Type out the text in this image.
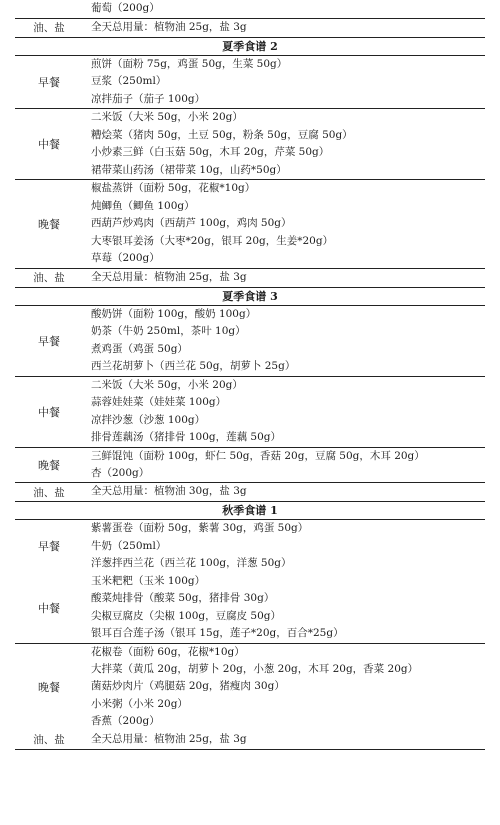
	葡萄（200g）

油、盐	全天总用量：植物油 25g，盐 3g
夏季食谱 2	
早餐	煎饼（面粉 75g，鸡蛋 50g，生菜 50g）
豆浆（250ml）
凉拌茄子（茄子 100g）

中餐	二米饭（大米 50g，小米 20g）
糟烩菜（猪肉 50g，土豆 50g，粉条 50g，豆腐 50g）
小炒素三鲜（白玉菇 50g，木耳 20g，芹菜 50g）
裙带菜山药汤（裙带菜 10g，山药*50g）

晚餐	椒盐蒸饼（面粉 50g，花椒*10g）
炖鲫鱼（鲫鱼 100g）
西葫芦炒鸡肉（西葫芦 100g，鸡肉 50g）
大枣银耳姜汤（大枣*20g，银耳 20g，生姜*20g）
草莓（200g）

油、盐	全天总用量：植物油 25g，盐 3g
夏季食谱 3	
早餐	酸奶饼（面粉 100g，酸奶 100g）
奶茶（牛奶 250ml，茶叶 10g）
煮鸡蛋（鸡蛋 50g）
西兰花胡萝卜（西兰花 50g，胡萝卜 25g）

中餐	二米饭（大米 50g，小米 20g）
蒜蓉娃娃菜（娃娃菜 100g）
凉拌沙葱（沙葱 100g）
排骨莲藕汤（猪排骨 100g，莲藕 50g）

晚餐	三鲜馄饨（面粉 100g，虾仁 50g，香菇 20g，豆腐 50g，木耳 20g）
杏（200g）

油、盐	全天总用量：植物油 30g，盐 3g
秋季食谱 1	
早餐	紫薯蛋卷（面粉 50g，紫薯 30g，鸡蛋 50g）
牛奶（250ml）
洋葱拌西兰花（西兰花 100g，洋葱 50g）

中餐	玉米粑粑（玉米 100g）
酸菜炖排骨（酸菜 50g，猪排骨 30g）
尖椒豆腐皮（尖椒 100g，豆腐皮 50g）
银耳百合莲子汤（银耳 15g，莲子*20g，百合*25g）

晚餐	花椒卷（面粉 60g，花椒*10g）
大拌菜（黄瓜 20g，胡萝卜 20g，小葱 20g，木耳 20g，香菜 20g）
菌菇炒肉片（鸡腿菇 20g，猪瘦肉 30g）
小米粥（小米 20g）
香蕉（200g）

油、盐	全天总用量：植物油 25g，盐 3g
